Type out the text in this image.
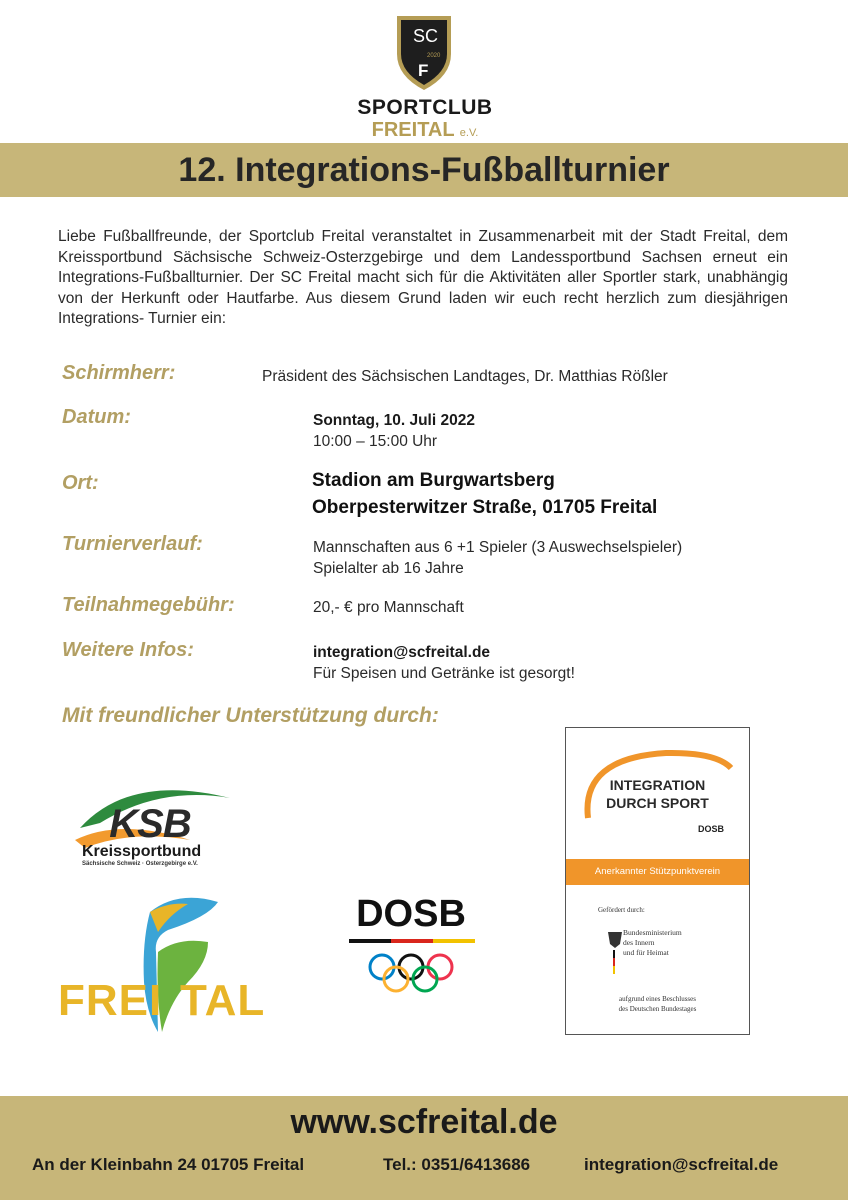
SC
2020
F
SPORTCLUB
FREITAL e.V.
12. Integrations-Fußballturnier
Liebe Fußballfreunde, der Sportclub Freital veranstaltet in Zusammenarbeit mit der Stadt Freital, dem Kreissportbund Sächsische Schweiz-Osterzgebirge und dem Landessportbund Sachsen erneut ein Integrations-Fußballturnier. Der SC Freital macht sich für die Aktivitäten aller Sportler stark, unabhängig von der Herkunft oder Hautfarbe. Aus diesem Grund laden wir euch recht herzlich zum diesjährigen Integrations- Turnier ein:
Schirmherr:	Präsident des Sächsischen Landtages, Dr. Matthias Rößler
Datum:	Sonntag, 10. Juli 2022
10:00 – 15:00 Uhr
Ort:	Stadion am Burgwartsberg
Oberpesterwitzer Straße, 01705 Freital
Turnierverlauf:	Mannschaften aus 6 +1 Spieler (3 Auswechselspieler)
Spielalter ab 16 Jahre
Teilnahmegebühr:	20,- € pro Mannschaft
Weitere Infos:	integration@scfreital.de
Für Speisen und Getränke ist gesorgt!
Mit freundlicher Unterstützung durch:
KSB
Kreissportbund
Sächsische Schweiz · Osterzgebirge e.V.
FREI TAL
DOSB
INTEGRATION
DURCH SPORT
DOSB
Anerkannter Stützpunktverein
Gefördert durch:
Bundesministerium
des Innern
und für Heimat
aufgrund eines Beschlusses
des Deutschen Bundestages
www.scfreital.de
An der Kleinbahn 24 01705 Freital	Tel.: 0351/6413686	integration@scfreital.de
